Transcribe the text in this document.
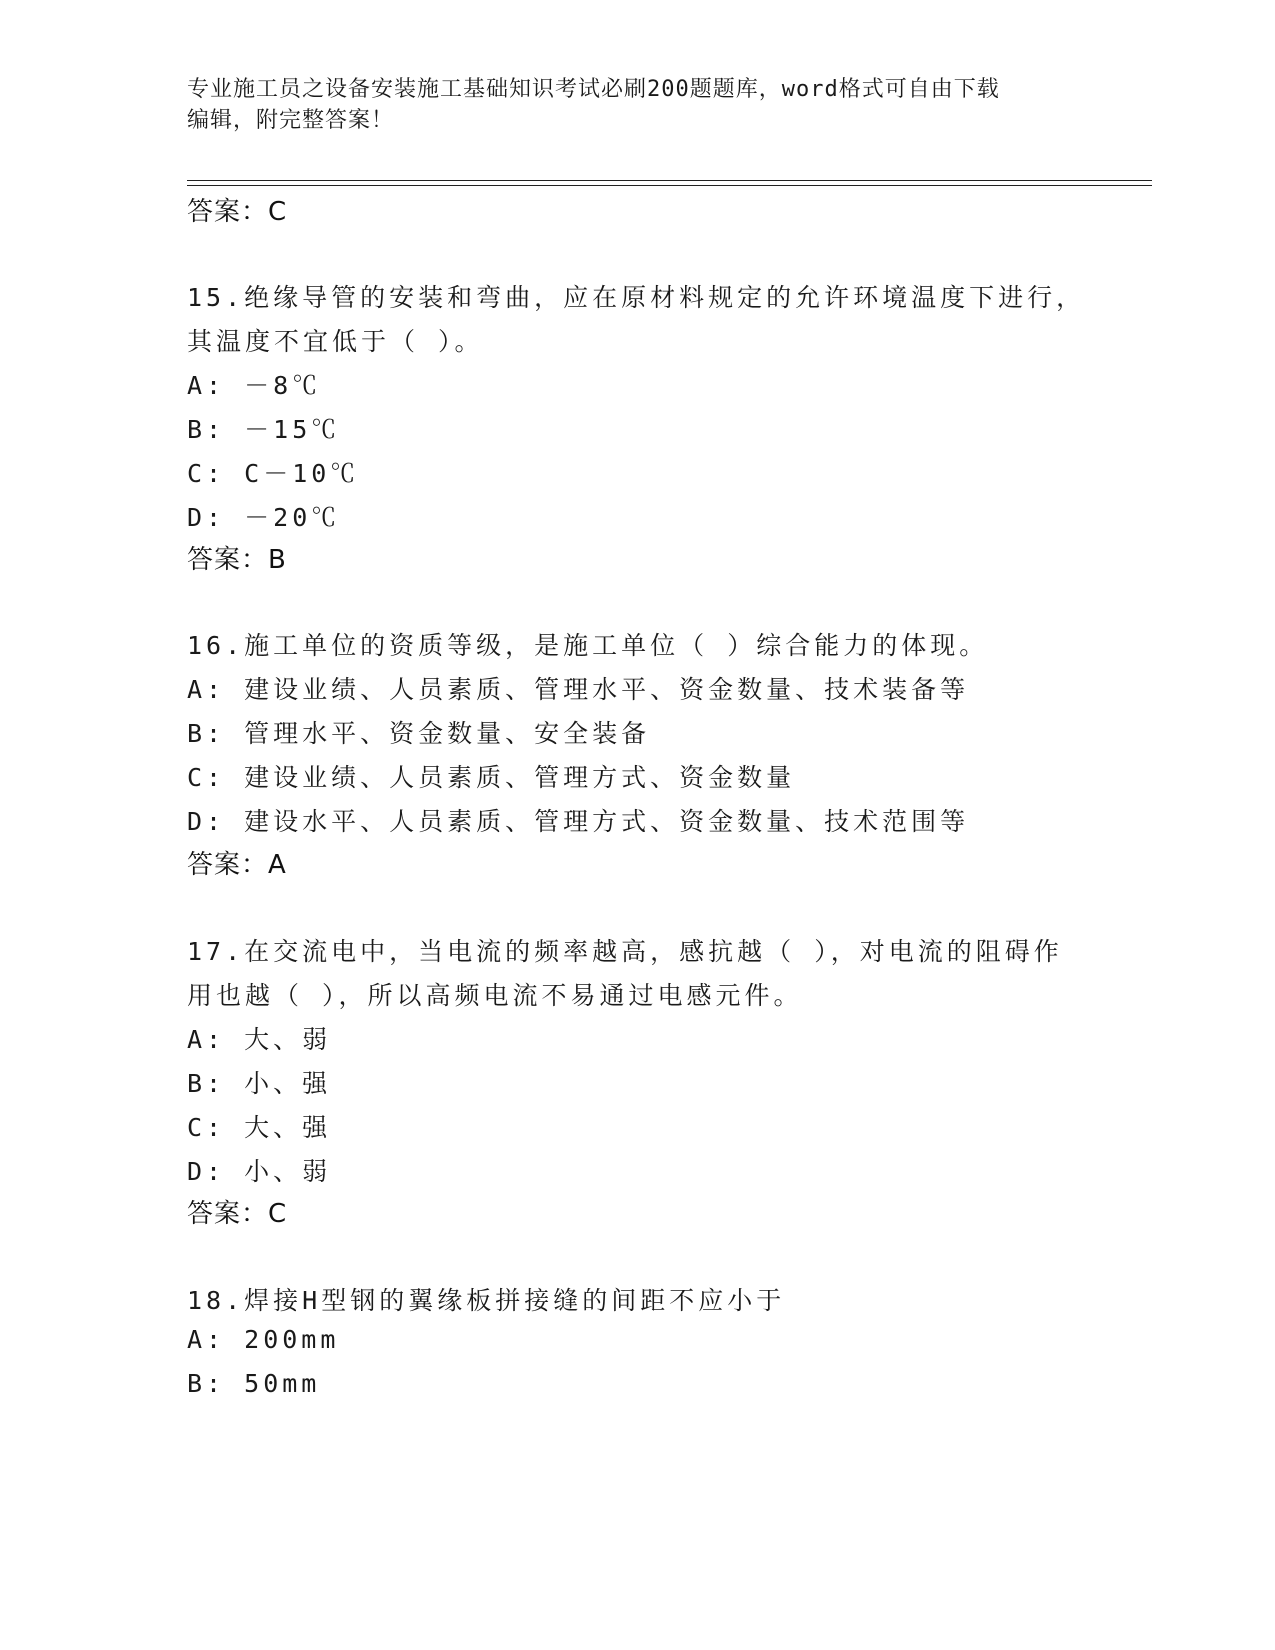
专业施工员之设备安装施工基础知识考试必刷200题题库，word格式可自由下载
编辑，附完整答案！
答案：C
15.绝缘导管的安装和弯曲，应在原材料规定的允许环境温度下进行，
其温度不宜低于（ ）。
A: －8℃
B: －15℃
C: C－10℃
D: －20℃
答案：B
16.施工单位的资质等级，是施工单位（ ）综合能力的体现。
A: 建设业绩、人员素质、管理水平、资金数量、技术装备等
B: 管理水平、资金数量、安全装备
C: 建设业绩、人员素质、管理方式、资金数量
D: 建设水平、人员素质、管理方式、资金数量、技术范围等
答案：A
17.在交流电中，当电流的频率越高，感抗越（ ），对电流的阻碍作
用也越（ ），所以高频电流不易通过电感元件。
A: 大、弱
B: 小、强
C: 大、强
D: 小、弱
答案：C
18.焊接H型钢的翼缘板拼接缝的间距不应小于
A: 200mm
B: 50mm
